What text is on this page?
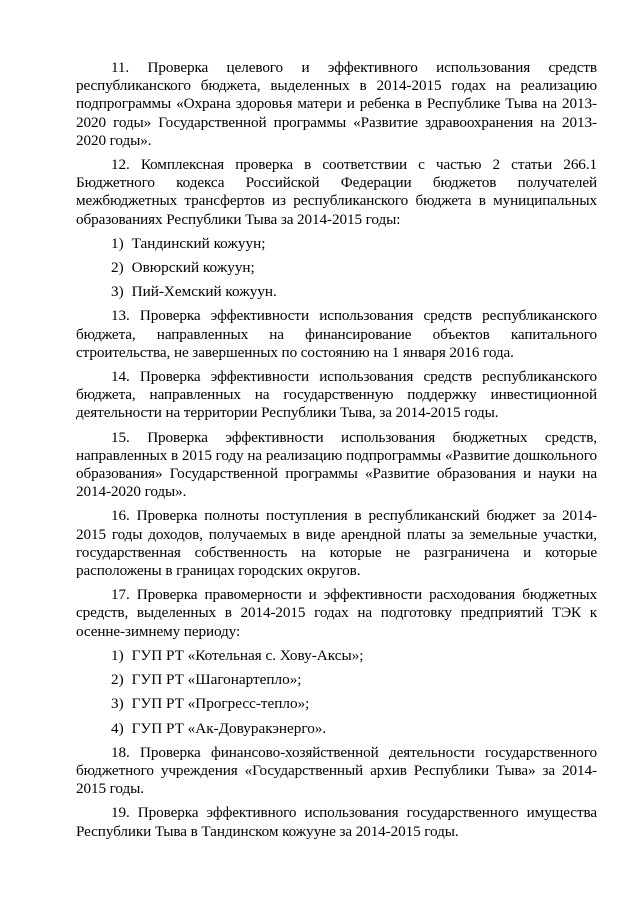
11. Проверка целевого и эффективного использования средств республиканского бюджета, выделенных в 2014-2015 годах на реализацию подпрограммы «Охрана здоровья матери и ребенка в Республике Тыва на 2013-2020 годы» Государственной программы «Развитие здравоохранения на 2013-2020 годы».

12. Комплексная проверка в соответствии с частью 2 статьи 266.1 Бюджетного кодекса Российской Федерации бюджетов получателей межбюджетных трансфертов из республиканского бюджета в муниципальных образованиях Республики Тыва за 2014-2015 годы:

1) Тандинский кожуун;
2) Овюрский кожуун;
3) Пий-Хемский кожуун.

13. Проверка эффективности использования средств республиканского бюджета, направленных на финансирование объектов капитального строительства, не завершенных по состоянию на 1 января 2016 года.

14. Проверка эффективности использования средств республиканского бюджета, направленных на государственную поддержку инвестиционной деятельности на территории Республики Тыва, за 2014-2015 годы.

15. Проверка эффективности использования бюджетных средств, направленных в 2015 году на реализацию подпрограммы «Развитие дошкольного образования» Государственной программы «Развитие образования и науки на 2014-2020 годы».

16. Проверка полноты поступления в республиканский бюджет за 2014-2015 годы доходов, получаемых в виде арендной платы за земельные участки, государственная собственность на которые не разграничена и которые расположены в границах городских округов.

17. Проверка правомерности и эффективности расходования бюджетных средств, выделенных в 2014-2015 годах на подготовку предприятий ТЭК к осенне-зимнему периоду:

1) ГУП РТ «Котельная с. Хову-Аксы»;
2) ГУП РТ «Шагонартепло»;
3) ГУП РТ «Прогресс-тепло»;
4) ГУП РТ «Ак-Довуракэнерго».

18. Проверка финансово-хозяйственной деятельности государственного бюджетного учреждения «Государственный архив Республики Тыва» за 2014-2015 годы.

19. Проверка эффективного использования государственного имущества Республики Тыва в Тандинском кожууне за 2014-2015 годы.
